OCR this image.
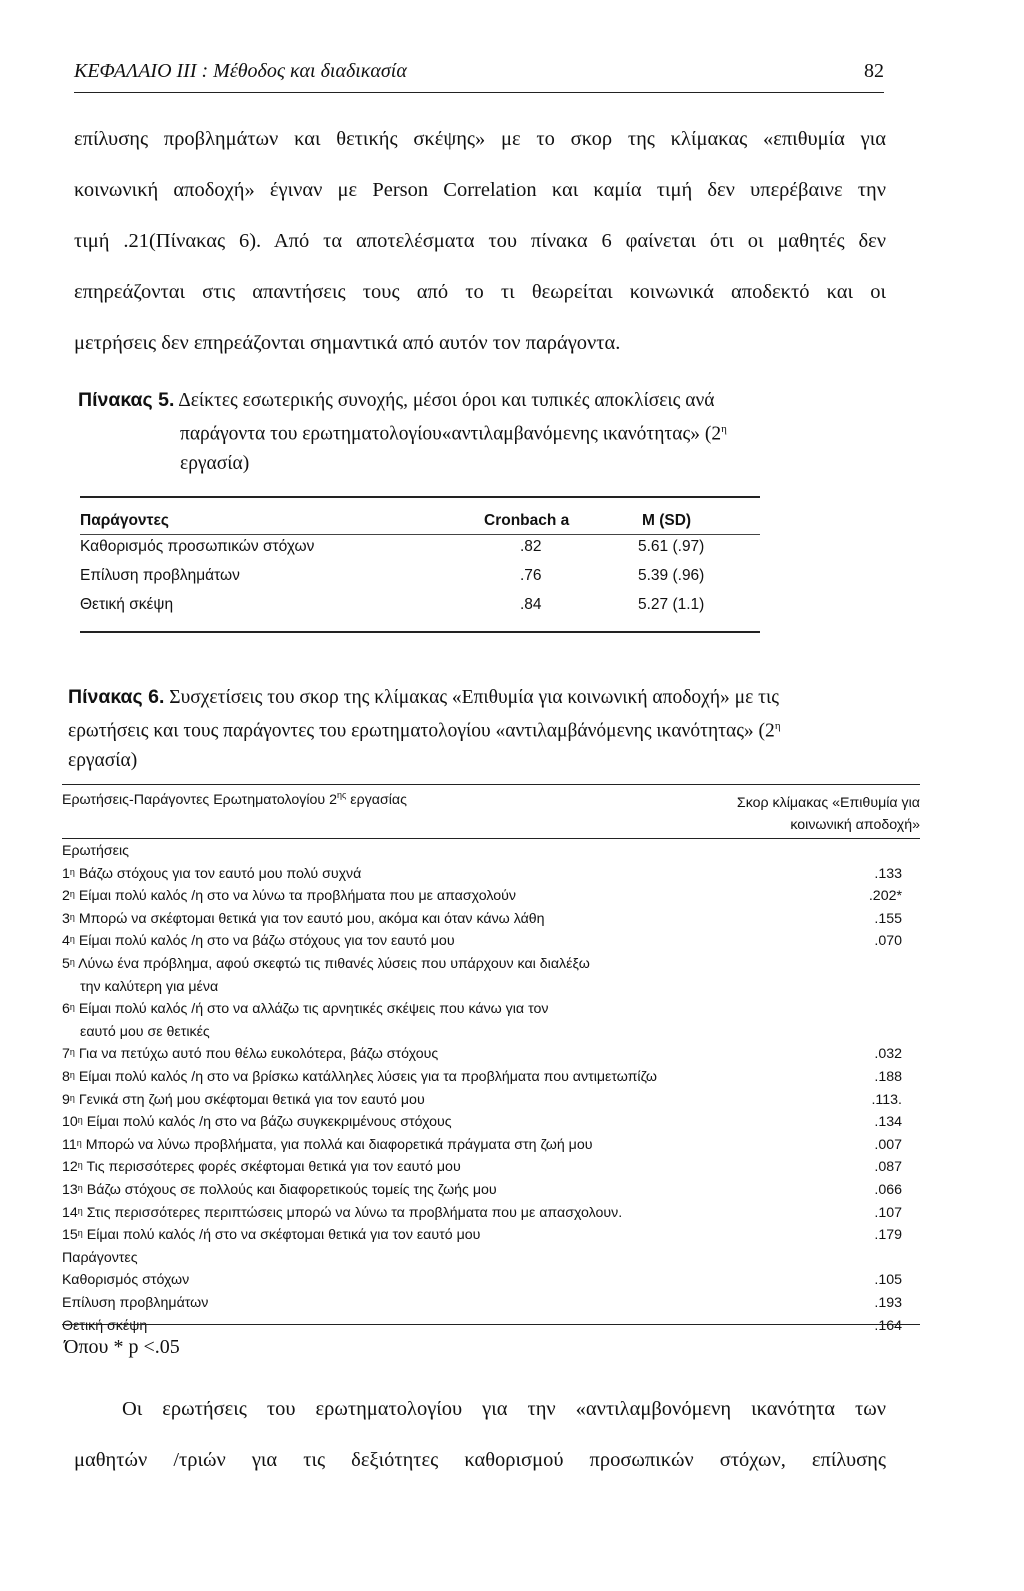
ΚΕΦΑΛΑΙΟ ΙΙΙ : Μέθοδος και διαδικασία	82
επίλυσης προβλημάτων και θετικής σκέψης» με το σκορ της κλίμακας «επιθυμία για
κοινωνική αποδοχή» έγιναν με Person Correlation και καμία τιμή δεν υπερέβαινε την
τιμή .21(Πίνακας 6). Από τα αποτελέσματα του πίνακα 6 φαίνεται ότι οι μαθητές δεν
επηρεάζονται στις απαντήσεις τους από το τι θεωρείται κοινωνικά αποδεκτό και οι
μετρήσεις δεν επηρεάζονται σημαντικά από αυτόν τον παράγοντα.
Πίνακας 5. Δείκτες εσωτερικής συνοχής, μέσοι όροι και τυπικές αποκλίσεις ανά
παράγοντα του ερωτηματολογίου«αντιλαμβανόμενης ικανότητας» ($2^\eta$
εργασία)
Παράγοντες	Cronbach a	M (SD)
Καθορισμός προσωπικών στόχων	.82	5.61 (.97)
Επίλυση προβλημάτων	.76	5.39 (.96)
Θετική σκέψη	.84	5.27 (1.1)
Πίνακας 6. Συσχετίσεις του σκορ της κλίμακας «Επιθυμία για κοινωνική αποδοχή» με τις
ερωτήσεις και τους παράγοντες του ερωτηματολογίου «αντιλαμβάνόμενης ικανότητας» ($2^\eta$
εργασία)
Ερωτήσεις-Παράγοντες Ερωτηματολογίου $2^{\eta\varsigma}$ εργασίας	Σκορ κλίμακας «Επιθυμία για
κοινωνική αποδοχή»
Ερωτήσεις
$1^\eta$ Βάζω στόχους για τον εαυτό μου πολύ συχνά	.133
$2^\eta$ Είμαι πολύ καλός /η στο να λύνω τα προβλήματα που με απασχολούν	.202*
$3^\eta$ Μπορώ να σκέφτομαι θετικά για τον εαυτό μου, ακόμα και όταν κάνω λάθη	.155
$4^\eta$ Είμαι πολύ καλός /η στο να βάζω στόχους για τον εαυτό μου	.070
$5^\eta$ Λύνω ένα πρόβλημα, αφού σκεφτώ τις πιθανές λύσεις που υπάρχουν και διαλέξω
την καλύτερη για μένα
$6^\eta$ Είμαι πολύ καλός /ή στο να αλλάζω τις αρνητικές σκέψεις που κάνω για τον
εαυτό μου σε θετικές
$7^\eta$ Για να πετύχω αυτό που θέλω ευκολότερα, βάζω στόχους	.032
$8^\eta$ Είμαι πολύ καλός /η στο να βρίσκω κατάλληλες λύσεις για τα προβλήματα που αντιμετωπίζω	.188
$9^\eta$ Γενικά στη ζωή μου σκέφτομαι θετικά για τον εαυτό μου	.113.
$10^\eta$ Είμαι πολύ καλός /η στο να βάζω συγκεκριμένους στόχους	.134
$11^\eta$ Μπορώ να λύνω προβλήματα, για πολλά και διαφορετικά πράγματα στη ζωή μου	.007
$12^\eta$ Τις περισσότερες φορές σκέφτομαι θετικά για τον εαυτό μου	.087
$13^\eta$ Βάζω στόχους σε πολλούς και διαφορετικούς τομείς της ζωής μου	.066
$14^\eta$ Στις περισσότερες περιπτώσεις μπορώ να λύνω τα προβλήματα που με απασχολουν.	.107
$15^\eta$ Είμαι πολύ καλός /ή στο να σκέφτομαι θετικά για τον εαυτό μου	.179
Παράγοντες
Καθορισμός στόχων	.105
Επίλυση προβλημάτων	.193
Θετική σκέψη	.164
Όπου * p <.05
Οι ερωτήσεις του ερωτηματολογίου για την «αντιλαμβονόμενη ικανότητα των
μαθητών /τριών για τις δεξιότητες καθορισμού προσωπικών στόχων, επίλυσης
